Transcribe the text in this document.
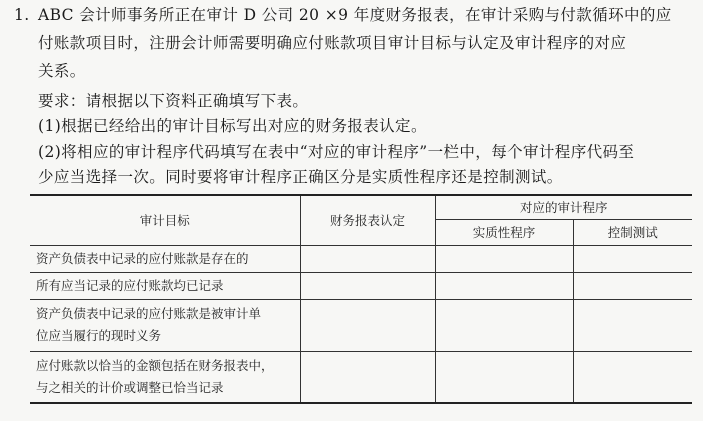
1. ABC 会计师事务所正在审计 D 公司 20 ×9 年度财务报表，在审计采购与付款循环中的应
付账款项目时，注册会计师需要明确应付账款项目审计目标与认定及审计程序的对应
关系。
要求：请根据以下资料正确填写下表。
(1)根据已经给出的审计目标写出对应的财务报表认定。
(2)将相应的审计程序代码填写在表中“对应的审计程序”一栏中，每个审计程序代码至
少应当选择一次。同时要将审计程序正确区分是实质性程序还是控制测试。
审计目标	财务报表认定	对应的审计程序	
		实质性程序	控制测试
资产负债表中记录的应付账款是存在的			
所有应当记录的应付账款均已记录			

资产负债表中记录的应付账款是被审计单
位应当履行的现时义务			

应付账款以恰当的金额包括在财务报表中，
与之相关的计价或调整已恰当记录			
